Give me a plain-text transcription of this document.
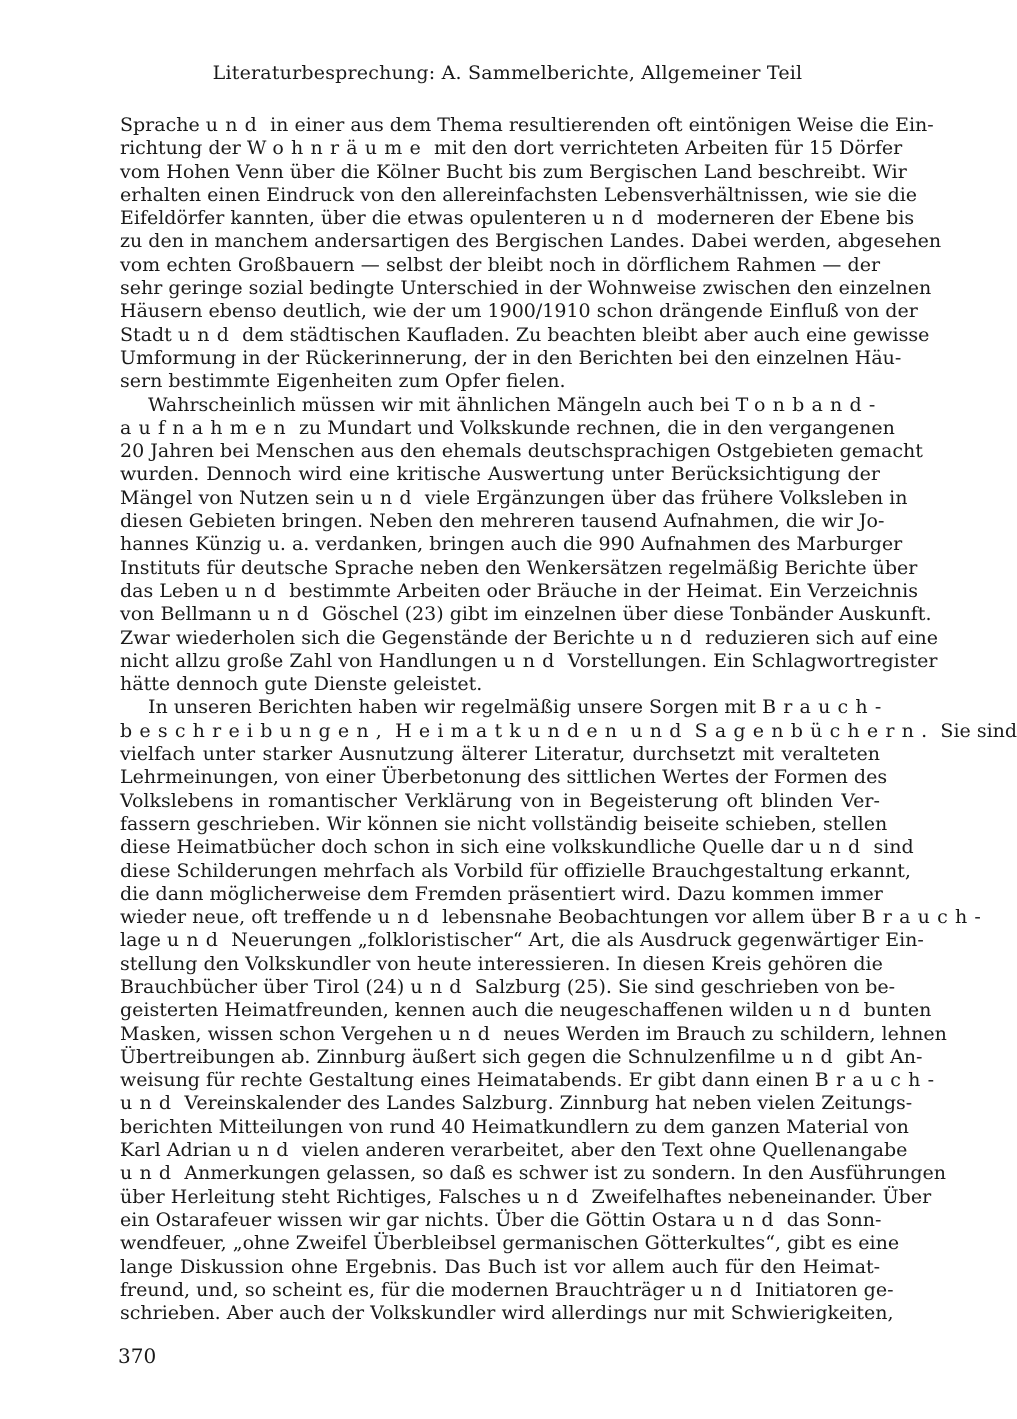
Literaturbesprechung: A. Sammelberichte, Allgemeiner Teil
Sprache und in einer aus dem Thema resultierenden oft eintönigen Weise die Ein-
richtung der Wohnräume mit den dort verrichteten Arbeiten für 15 Dörfer
vom Hohen Venn über die Kölner Bucht bis zum Bergischen Land beschreibt. Wir
erhalten einen Eindruck von den allereinfachsten Lebensverhältnissen, wie sie die
Eifeldörfer kannten, über die etwas opulenteren und moderneren der Ebene bis
zu den in manchem andersartigen des Bergischen Landes. Dabei werden, abgesehen
vom echten Großbauern — selbst der bleibt noch in dörflichem Rahmen — der
sehr geringe sozial bedingte Unterschied in der Wohnweise zwischen den einzelnen
Häusern ebenso deutlich, wie der um 1900/1910 schon drängende Einfluß von der
Stadt und dem städtischen Kaufladen. Zu beachten bleibt aber auch eine gewisse
Umformung in der Rückerinnerung, der in den Berichten bei den einzelnen Häu-
sern bestimmte Eigenheiten zum Opfer fielen.
Wahrscheinlich müssen wir mit ähnlichen Mängeln auch bei Tonband-
aufnahmen zu Mundart und Volkskunde rechnen, die in den vergangenen
20 Jahren bei Menschen aus den ehemals deutschsprachigen Ostgebieten gemacht
wurden. Dennoch wird eine kritische Auswertung unter Berücksichtigung der
Mängel von Nutzen sein und viele Ergänzungen über das frühere Volksleben in
diesen Gebieten bringen. Neben den mehreren tausend Aufnahmen, die wir Jo-
hannes Künzig u. a. verdanken, bringen auch die 990 Aufnahmen des Marburger
Instituts für deutsche Sprache neben den Wenkersätzen regelmäßig Berichte über
das Leben und bestimmte Arbeiten oder Bräuche in der Heimat. Ein Verzeichnis
von Bellmann und Göschel (23) gibt im einzelnen über diese Tonbänder Auskunft.
Zwar wiederholen sich die Gegenstände der Berichte und reduzieren sich auf eine
nicht allzu große Zahl von Handlungen und Vorstellungen. Ein Schlagwortregister
hätte dennoch gute Dienste geleistet.
In unseren Berichten haben wir regelmäßig unsere Sorgen mit Brauch-
beschreibungen, Heimatkunden und Sagenbüchern. Sie sind
vielfach unter starker Ausnutzung älterer Literatur, durchsetzt mit veralteten
Lehrmeinungen, von einer Überbetonung des sittlichen Wertes der Formen des
Volkslebens in romantischer Verklärung von in Begeisterung oft blinden Ver-
fassern geschrieben. Wir können sie nicht vollständig beiseite schieben, stellen
diese Heimatbücher doch schon in sich eine volkskundliche Quelle dar und sind
diese Schilderungen mehrfach als Vorbild für offizielle Brauchgestaltung erkannt,
die dann möglicherweise dem Fremden präsentiert wird. Dazu kommen immer
wieder neue, oft treffende und lebensnahe Beobachtungen vor allem über Brauch-
lage und Neuerungen „folkloristischer“ Art, die als Ausdruck gegenwärtiger Ein-
stellung den Volkskundler von heute interessieren. In diesen Kreis gehören die
Brauchbücher über Tirol (24) und Salzburg (25). Sie sind geschrieben von be-
geisterten Heimatfreunden, kennen auch die neugeschaffenen wilden und bunten
Masken, wissen schon Vergehen und neues Werden im Brauch zu schildern, lehnen
Übertreibungen ab. Zinnburg äußert sich gegen die Schnulzenfilme und gibt An-
weisung für rechte Gestaltung eines Heimatabends. Er gibt dann einen Brauch-
und Vereinskalender des Landes Salzburg. Zinnburg hat neben vielen Zeitungs-
berichten Mitteilungen von rund 40 Heimatkundlern zu dem ganzen Material von
Karl Adrian und vielen anderen verarbeitet, aber den Text ohne Quellenangabe
und Anmerkungen gelassen, so daß es schwer ist zu sondern. In den Ausführungen
über Herleitung steht Richtiges, Falsches und Zweifelhaftes nebeneinander. Über
ein Ostarafeuer wissen wir gar nichts. Über die Göttin Ostara und das Sonn-
wendfeuer, „ohne Zweifel Überbleibsel germanischen Götterkultes“, gibt es eine
lange Diskussion ohne Ergebnis. Das Buch ist vor allem auch für den Heimat-
freund, und, so scheint es, für die modernen Brauchträger und Initiatoren ge-
schrieben. Aber auch der Volkskundler wird allerdings nur mit Schwierigkeiten,
370
